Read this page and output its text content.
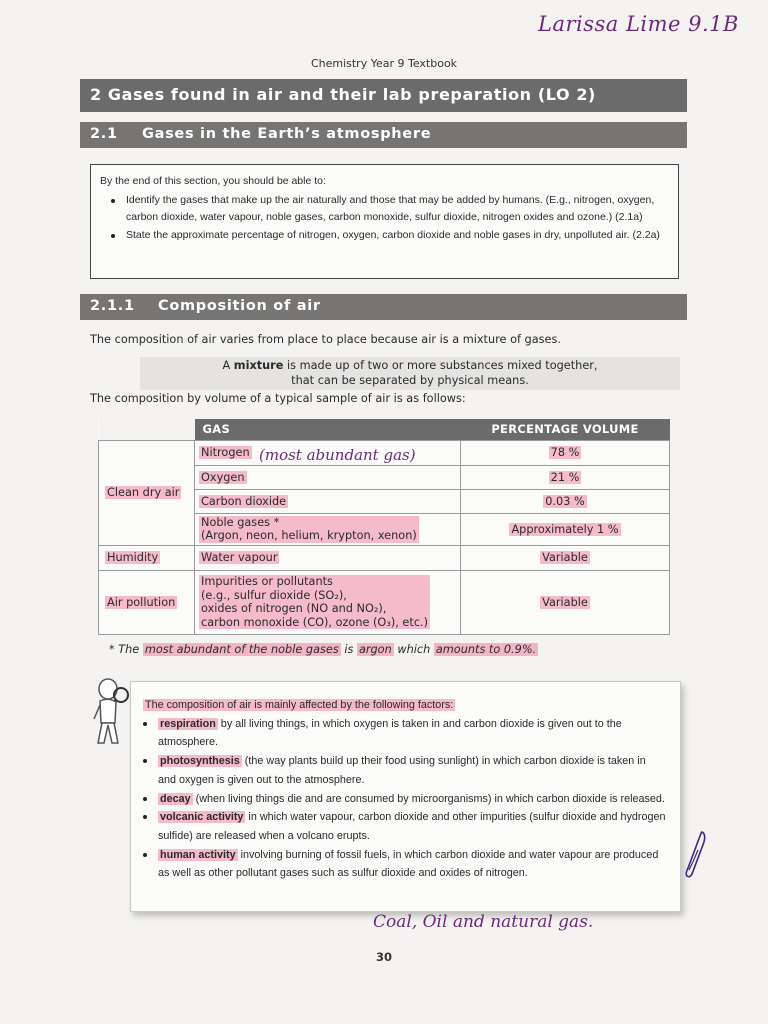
Larissa Lime 9.1B
Chemistry Year 9 Textbook
2 Gases found in air and their lab preparation (LO 2)
2.1 Gases in the Earth’s atmosphere
By the end of this section, you should be able to:
Identify the gases that make up the air naturally and those that may be added by humans. (E.g., nitrogen, oxygen, carbon dioxide, water vapour, noble gases, carbon monoxide, sulfur dioxide, nitrogen oxides and ozone.) (2.1a)
State the approximate percentage of nitrogen, oxygen, carbon dioxide and noble gases in dry, unpolluted air. (2.2a)
2.1.1 Composition of air
The composition of air varies from place to place because air is a mixture of gases.
A mixture is made up of two or more substances mixed together,
that can be separated by physical means.
The composition by volume of a typical sample of air is as follows:
	GAS	PERCENTAGE VOLUME
Clean dry air	Nitrogen	78 %
	Oxygen	21 %
	Carbon dioxide	0.03 %
	Noble gases *
(Argon, neon, helium, krypton, xenon)	Approximately 1 %
Humidity	Water vapour	Variable
Air pollution	Impurities or pollutants
(e.g., sulfur dioxide (SO₂),
oxides of nitrogen (NO and NO₂),
carbon monoxide (CO), ozone (O₃), etc.)	Variable
(most abundant gas)
* The most abundant of the noble gases is argon which amounts to 0.9%.
The composition of air is mainly affected by the following factors:
respiration by all living things, in which oxygen is taken in and carbon dioxide is given out to the atmosphere.
photosynthesis (the way plants build up their food using sunlight) in which carbon dioxide is taken in and oxygen is given out to the atmosphere.
decay (when living things die and are consumed by microorganisms) in which carbon dioxide is released.
volcanic activity in which water vapour, carbon dioxide and other impurities (sulfur dioxide and hydrogen sulfide) are released when a volcano erupts.
human activity involving burning of fossil fuels, in which carbon dioxide and water vapour are produced as well as other pollutant gases such as sulfur dioxide and oxides of nitrogen.
Coal, Oil and natural gas.
30
